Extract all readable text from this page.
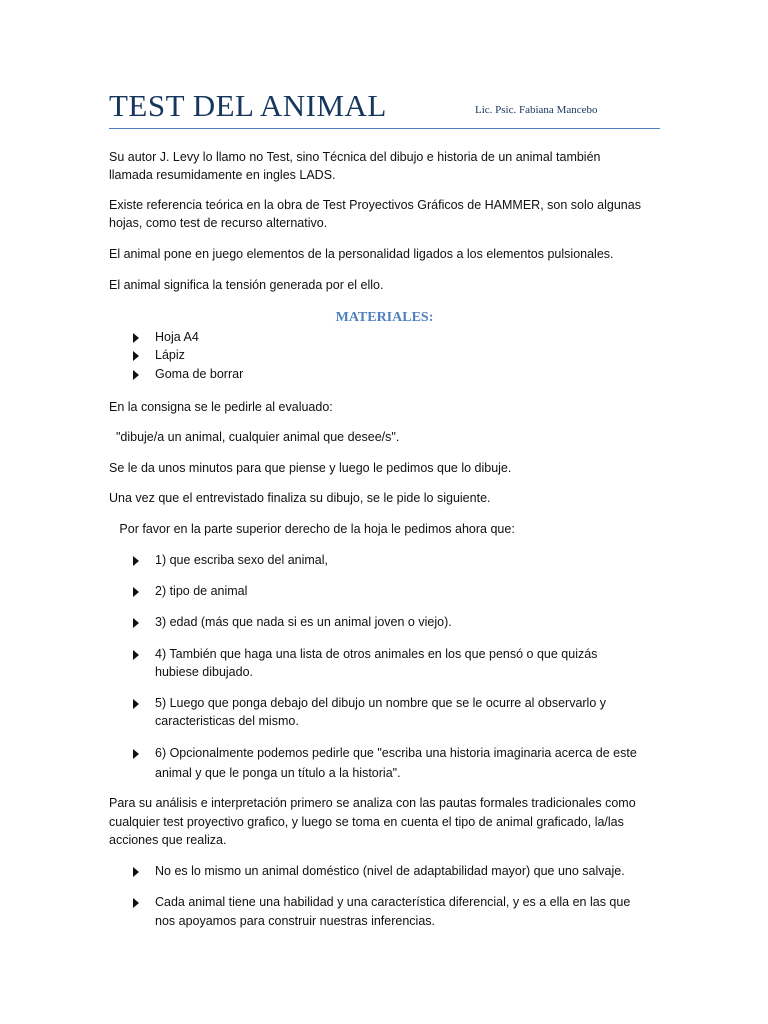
TEST DEL ANIMAL	Lic. Psic. Fabiana Mancebo
Su autor J. Levy lo llamo no Test, sino Técnica del dibujo e historia de un animal también
llamada resumidamente en ingles LADS.
Existe referencia teórica en la obra de Test Proyectivos Gráficos de HAMMER, son solo algunas
hojas, como test de recurso alternativo.
El animal pone en juego elementos de la personalidad ligados a los elementos pulsionales.
El animal significa la tensión generada por el ello.
MATERIALES:
Hoja A4
Lápiz
Goma de borrar
En la consigna se le pedirle al evaluado:
"dibuje/a un animal, cualquier animal que desee/s".
Se le da unos minutos para que piense y luego le pedimos que lo dibuje.
Una vez que el entrevistado finaliza su dibujo, se le pide lo siguiente.
Por favor en la parte superior derecho de la hoja le pedimos ahora que:
1) que escriba sexo del animal,
2) tipo de animal
3) edad (más que nada si es un animal joven o viejo).
4) También que haga una lista de otros animales en los que pensó o que quizás
hubiese dibujado.
5) Luego que ponga debajo del dibujo un nombre que se le ocurre al observarlo y
caracteristicas del mismo.
6) Opcionalmente podemos pedirle que "escriba una historia imaginaria acerca de este
animal y que le ponga un título a la historia".
Para su análisis e interpretación primero se analiza con las pautas formales tradicionales como
cualquier test proyectivo grafico, y luego se toma en cuenta el tipo de animal graficado, la/las
acciones que realiza.
No es lo mismo un animal doméstico (nivel de adaptabilidad mayor) que uno salvaje.
Cada animal tiene una habilidad y una característica diferencial, y es a ella en las que
nos apoyamos para construir nuestras inferencias.
